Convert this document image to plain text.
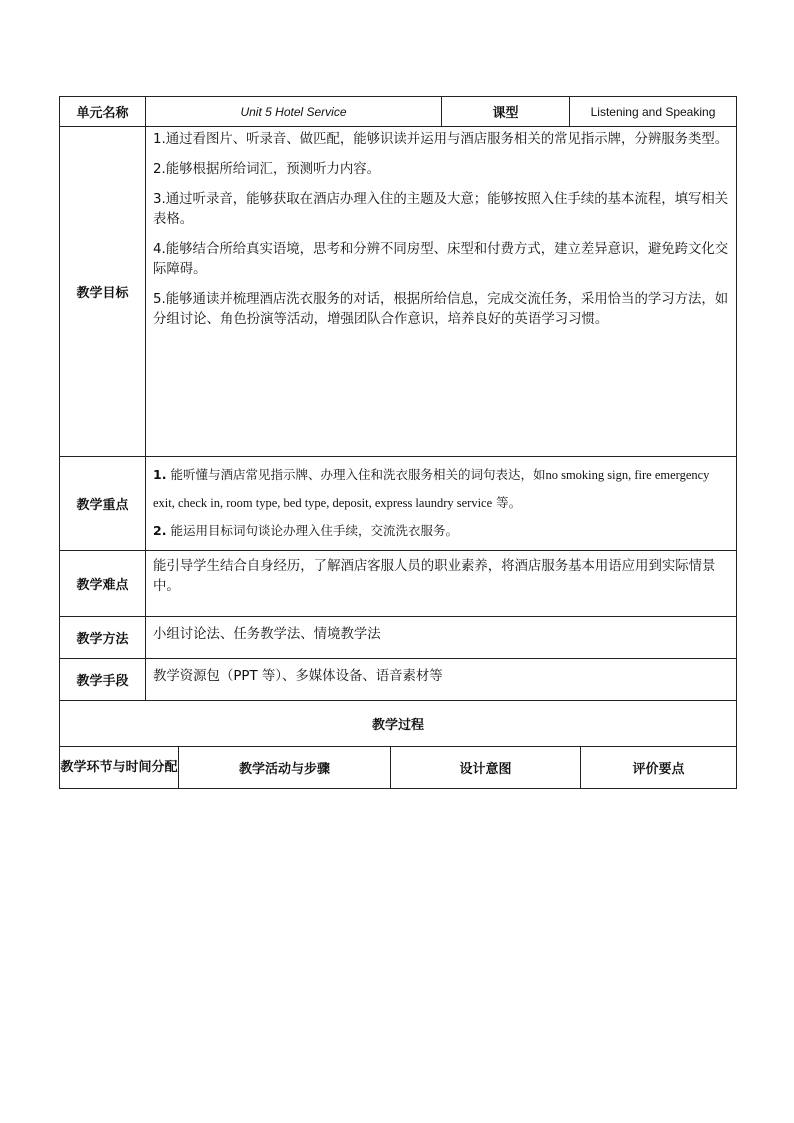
单元名称	Unit 5 Hotel Service	课型	Listening and Speaking
教学目标	1.通过看图片、听录音、做匹配，能够识读并运用与酒店服务相关的常见指示牌，分辨服务类型。

2.能够根据所给词汇，预测听力内容。

3.通过听录音，能够获取在酒店办理入住的主题及大意；能够按照入住手续的基本流程，填写相关表格。

4.能够结合所给真实语境，思考和分辨不同房型、床型和付费方式，建立差异意识，避免跨文化交际障碍。

5.能够通读并梳理酒店洗衣服务的对话，根据所给信息，完成交流任务，采用恰当的学习方法，如分组讨论、角色扮演等活动，增强团队合作意识，培养良好的英语学习习惯。		

教学重点	1. 能听懂与酒店常见指示牌、办理入住和洗衣服务相关的词句表达，如no smoking sign, fire emergency exit, check in, room type, bed type, deposit, express laundry service 等。

2. 能运用目标词句谈论办理入住手续，交流洗衣服务。		

教学难点	能引导学生结合自身经历，了解酒店客服人员的职业素养，将酒店服务基本用语应用到实际情景中。		
教学方法	小组讨论法、任务教学法、情境教学法		
教学手段	教学资源包（PPT 等）、多媒体设备、语音素材等		
教学过程			
教学环节与时间分配	教学活动与步骤	设计意图	评价要点
